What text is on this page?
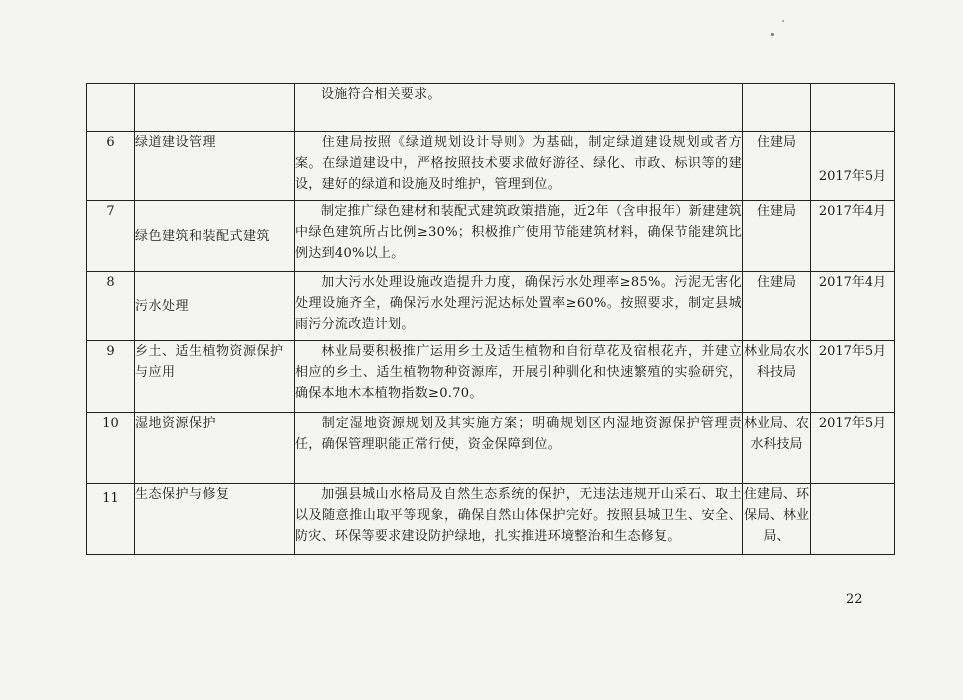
		设施符合相关要求。		
6	绿道建设管理	住建局按照《绿道规划设计导则》为基础，制定绿道建设规划或者方案。在绿道建设中，严格按照技术要求做好游径、绿化、市政、标识等的建设，建好的绿道和设施及时维护，管理到位。	住建局	2017年5月
7	绿色建筑和装配式建筑	制定推广绿色建材和装配式建筑政策措施，近2年（含申报年）新建建筑中绿色建筑所占比例≥30%；积极推广使用节能建筑材料，确保节能建筑比例达到40%以上。	住建局	2017年4月
8	污水处理	加大污水处理设施改造提升力度，确保污水处理率≥85%。污泥无害化处理设施齐全，确保污水处理污泥达标处置率≥60%。按照要求，制定县城雨污分流改造计划。	住建局	2017年4月
9	乡土、适生植物资源保护与应用	林业局要积极推广运用乡土及适生植物和自衍草花及宿根花卉，并建立相应的乡土、适生植物物种资源库，开展引种驯化和快速繁殖的实验研究，确保本地木本植物指数≥0.70。	林业局农水科技局	2017年5月
10	湿地资源保护	制定湿地资源规划及其实施方案；明确规划区内湿地资源保护管理责任，确保管理职能正常行使，资金保障到位。	林业局、农水科技局	2017年5月
11	生态保护与修复	加强县城山水格局及自然生态系统的保护，无违法违规开山采石、取土以及随意推山取平等现象，确保自然山体保护完好。按照县城卫生、安全、防灾、环保等要求建设防护绿地，扎实推进环境整治和生态修复。	住建局、环保局、林业局、	
22
